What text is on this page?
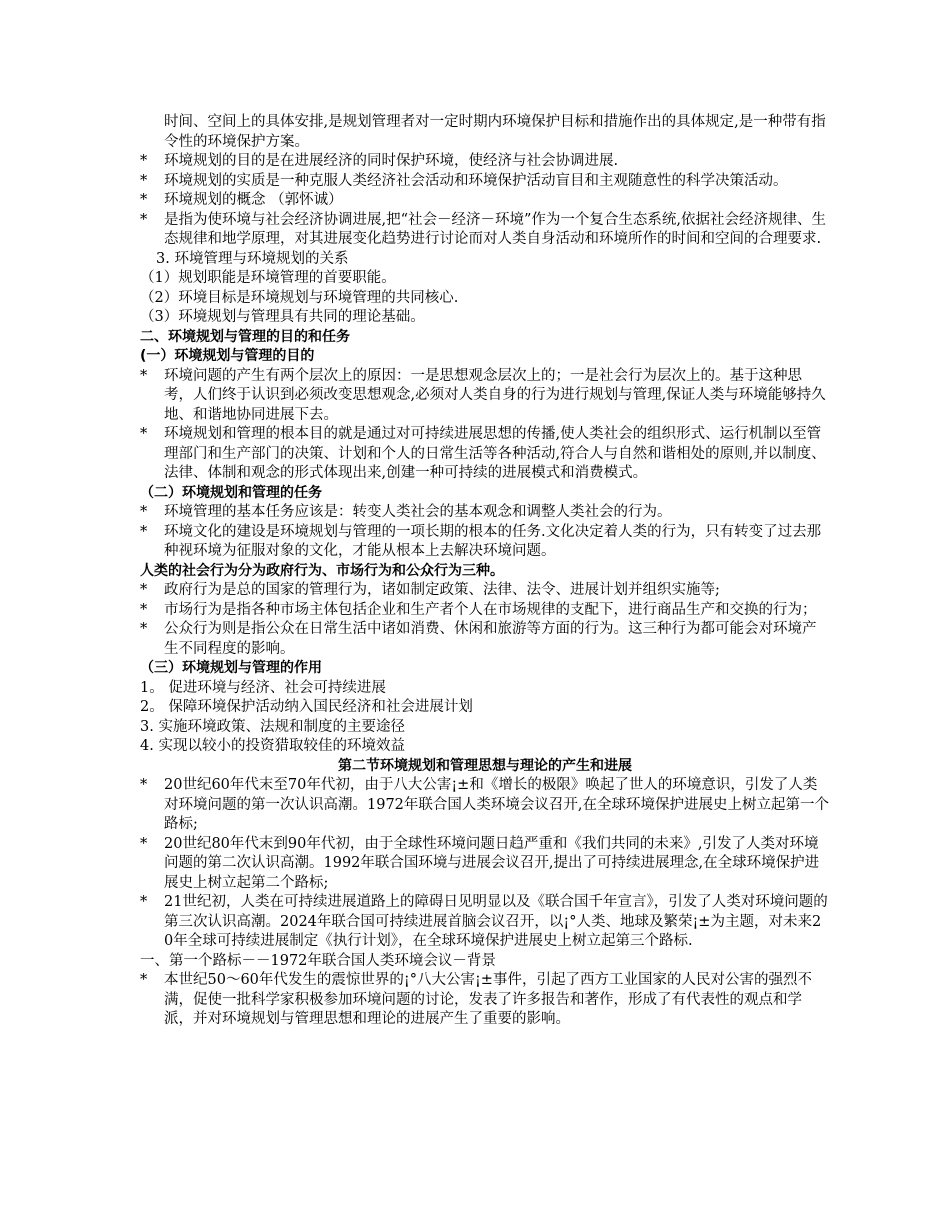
时间、空间上的具体安排,是规划管理者对一定时期内环境保护目标和措施作出的具体规定,是一种带有指令性的环境保护方案。
*	环境规划的目的是在进展经济的同时保护环境，使经济与社会协调进展.
*	环境规划的实质是一种克服人类经济社会活动和环境保护活动盲目和主观随意性的科学决策活动。
*	环境规划的概念 （郭怀诚）
*	是指为使环境与社会经济协调进展,把“社会－经济－环境”作为一个复合生态系统,依据社会经济规律、生态规律和地学原理，对其进展变化趋势进行讨论而对人类自身活动和环境所作的时间和空间的合理要求.
3. 环境管理与环境规划的关系
（1）规划职能是环境管理的首要职能。
（2）环境目标是环境规划与环境管理的共同核心.
（3）环境规划与管理具有共同的理论基础。
二、环境规划与管理的目的和任务
(一）环境规划与管理的目的
*	环境问题的产生有两个层次上的原因：一是思想观念层次上的；一是社会行为层次上的。基于这种思考，人们终于认识到必须改变思想观念,必须对人类自身的行为进行规划与管理,保证人类与环境能够持久地、和谐地协同进展下去。
*	环境规划和管理的根本目的就是通过对可持续进展思想的传播,使人类社会的组织形式、运行机制以至管理部门和生产部门的决策、计划和个人的日常生活等各种活动,符合人与自然和谐相处的原则,并以制度、法律、体制和观念的形式体现出来,创建一种可持续的进展模式和消费模式。
（二）环境规划和管理的任务
*	环境管理的基本任务应该是：转变人类社会的基本观念和调整人类社会的行为。
*	环境文化的建设是环境规划与管理的一项长期的根本的任务.文化决定着人类的行为，只有转变了过去那种视环境为征服对象的文化，才能从根本上去解决环境问题。
人类的社会行为分为政府行为、市场行为和公众行为三种。
*	政府行为是总的国家的管理行为，诸如制定政策、法律、法令、进展计划并组织实施等;
*	市场行为是指各种市场主体包括企业和生产者个人在市场规律的支配下，进行商品生产和交换的行为；
*	公众行为则是指公众在日常生活中诸如消费、休闲和旅游等方面的行为。这三种行为都可能会对环境产生不同程度的影响。
（三）环境规划与管理的作用
1。 促进环境与经济、社会可持续进展
2。 保障环境保护活动纳入国民经济和社会进展计划
3. 实施环境政策、法规和制度的主要途径
4. 实现以较小的投资猎取较佳的环境效益
第二节环境规划和管理思想与理论的产生和进展
*	20世纪60年代末至70年代初，由于八大公害¡±和《增长的极限》唤起了世人的环境意识，引发了人类对环境问题的第一次认识高潮。1972年联合国人类环境会议召开,在全球环境保护进展史上树立起第一个路标;
*	20世纪80年代末到90年代初，由于全球性环境问题日趋严重和《我们共同的未来》,引发了人类对环境问题的第二次认识高潮。1992年联合国环境与进展会议召开,提出了可持续进展理念,在全球环境保护进展史上树立起第二个路标;
*	21世纪初，人类在可持续进展道路上的障碍日见明显以及《联合国千年宣言》，引发了人类对环境问题的第三次认识高潮。2024年联合国可持续进展首脑会议召开，以¡°人类、地球及繁荣¡±为主题，对未来20年全球可持续进展制定《执行计划》，在全球环境保护进展史上树立起第三个路标.
一、第一个路标－－1972年联合国人类环境会议－背景
*	本世纪50～60年代发生的震惊世界的¡°八大公害¡±事件，引起了西方工业国家的人民对公害的强烈不满，促使一批科学家积极参加环境问题的讨论，发表了许多报告和著作，形成了有代表性的观点和学派，并对环境规划与管理思想和理论的进展产生了重要的影响。
